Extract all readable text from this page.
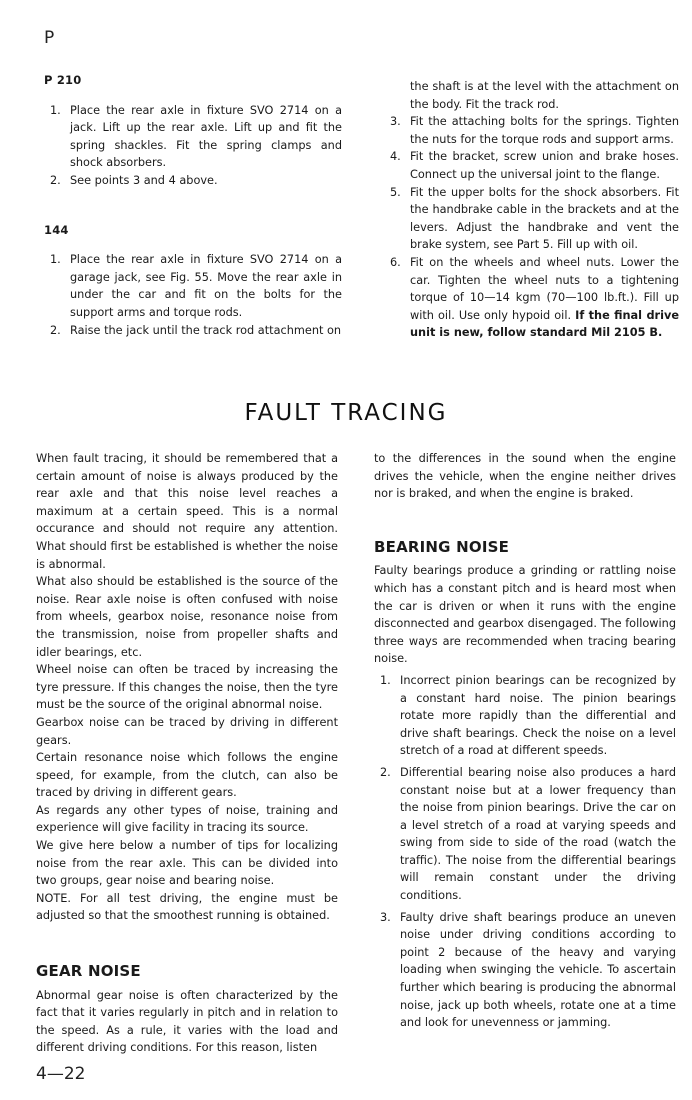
P
P 210
1. Place the rear axle in fixture SVO 2714 on a jack. Lift up the rear axle. Lift up and fit the spring shackles. Fit the spring clamps and shock absorbers.
2. See points 3 and 4 above.
144
1. Place the rear axle in fixture SVO 2714 on a garage jack, see Fig. 55. Move the rear axle in under the car and fit on the bolts for the support arms and torque rods.
2. Raise the jack until the track rod attachment on
the shaft is at the level with the attachment on the body. Fit the track rod.
3. Fit the attaching bolts for the springs. Tighten the nuts for the torque rods and support arms.
4. Fit the bracket, screw union and brake hoses. Connect up the universal joint to the flange.
5. Fit the upper bolts for the shock absorbers. Fit the handbrake cable in the brackets and at the levers. Adjust the handbrake and vent the brake system, see Part 5. Fill up with oil.
6. Fit on the wheels and wheel nuts. Lower the car. Tighten the wheel nuts to a tightening torque of 10—14 kgm (70—100 lb.ft.). Fill up with oil. Use only hypoid oil. If the final drive unit is new, follow standard Mil 2105 B.
FAULT TRACING

When fault tracing, it should be remembered that a certain amount of noise is always produced by the rear axle and that this noise level reaches a maximum at a certain speed. This is a normal occurance and should not require any attention. What should first be established is whether the noise is abnormal.

What also should be established is the source of the noise. Rear axle noise is often confused with noise from wheels, gearbox noise, resonance noise from the transmission, noise from propeller shafts and idler bearings, etc.

Wheel noise can often be traced by increasing the tyre pressure. If this changes the noise, then the tyre must be the source of the original abnormal noise.

Gearbox noise can be traced by driving in different gears.

Certain resonance noise which follows the engine speed, for example, from the clutch, can also be traced by driving in different gears.

As regards any other types of noise, training and experience will give facility in tracing its source.

We give here below a number of tips for localizing noise from the rear axle. This can be divided into two groups, gear noise and bearing noise.

NOTE. For all test driving, the engine must be adjusted so that the smoothest running is obtained.

GEAR NOISE

Abnormal gear noise is often characterized by the fact that it varies regularly in pitch and in relation to the speed. As a rule, it varies with the load and different driving conditions. For this reason, listen

to the differences in the sound when the engine drives the vehicle, when the engine neither drives nor is braked, and when the engine is braked.

BEARING NOISE

Faulty bearings produce a grinding or rattling noise which has a constant pitch and is heard most when the car is driven or when it runs with the engine disconnected and gearbox disengaged. The following three ways are recommended when tracing bearing noise.

1. Incorrect pinion bearings can be recognized by a constant hard noise. The pinion bearings rotate more rapidly than the differential and drive shaft bearings. Check the noise on a level stretch of a road at different speeds.
2. Differential bearing noise also produces a hard constant noise but at a lower frequency than the noise from pinion bearings. Drive the car on a level stretch of a road at varying speeds and swing from side to side of the road (watch the traffic). The noise from the differential bearings will remain constant under the driving conditions.
3. Faulty drive shaft bearings produce an uneven noise under driving conditions according to point 2 because of the heavy and varying loading when swinging the vehicle. To ascertain further which bearing is producing the abnormal noise, jack up both wheels, rotate one at a time and look for unevenness or jamming.
4—22
